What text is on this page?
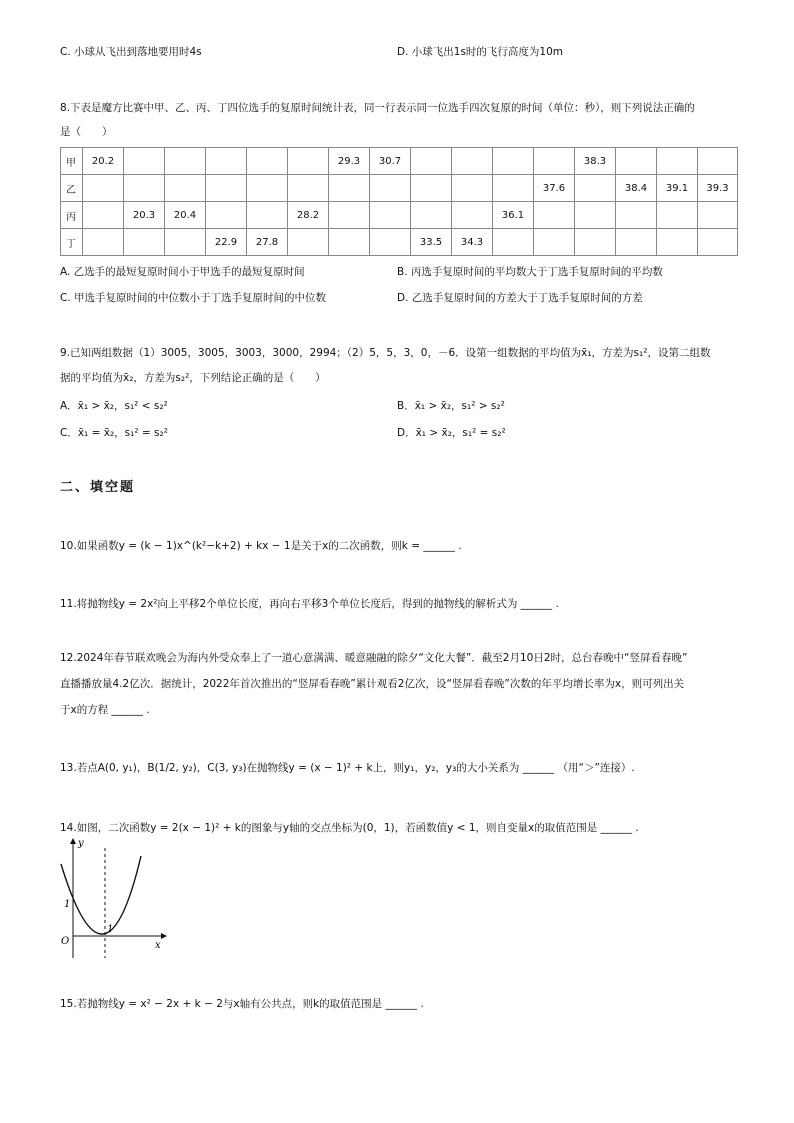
C. 小球从飞出到落地要用时4s	D. 小球飞出1s时的飞行高度为10m
8.下表是魔方比赛中甲、乙、丙、丁四位选手的复原时间统计表，同一行表示同一位选手四次复原的时间（单位：秒），则下列说法正确的
是（　　）
甲	20.2						29.3	30.7					38.3			
乙												37.6		38.4	39.1	39.3
丙		20.3	20.4			28.2					36.1					
丁				22.9	27.8				33.5	34.3						
A. 乙选手的最短复原时间小于甲选手的最短复原时间	B. 丙选手复原时间的平均数大于丁选手复原时间的平均数
C. 甲选手复原时间的中位数小于丁选手复原时间的中位数	D. 乙选手复原时间的方差大于丁选手复原时间的方差
9.已知两组数据（1）3005，3005，3003，3000，2994；（2）5，5，3，0，－6．设第一组数据的平均值为x̄₁，方差为s₁²，设第二组数
据的平均值为x̄₂，方差为s₂²，下列结论正确的是（　　）
A．x̄₁ > x̄₂，s₁² < s₂²	B．x̄₁ > x̄₂，s₁² > s₂²
C．x̄₁ = x̄₂，s₁² = s₂²	D．x̄₁ > x̄₂，s₁² = s₂²
二、填空题
10.如果函数y = (k − 1)x^(k²−k+2) + kx − 1是关于x的二次函数，则k = ______ .
11.将抛物线y = 2x²向上平移2个单位长度，再向右平移3个单位长度后，得到的抛物线的解析式为 ______ .
12.2024年春节联欢晚会为海内外受众奉上了一道心意满满、暖意融融的除夕“文化大餐”．截至2月10日2时，总台春晚中“竖屏看春晚”
直播播放量4.2亿次．据统计，2022年首次推出的“竖屏看春晚”累计观看2亿次，设“竖屏看春晚”次数的年平均增长率为x，则可列出关
于x的方程 ______ .
13.若点A(0, y₁)，B(1/2, y₂)，C(3, y₃)在抛物线y = (x − 1)² + k上，则y₁，y₂，y₃的大小关系为 ______ （用“＞”连接）.
14.如图，二次函数y = 2(x − 1)² + k的图象与y轴的交点坐标为(0，1)，若函数值y < 1，则自变量x的取值范围是 ______ .
y
x
O
1
1
15.若抛物线y = x² − 2x + k − 2与x轴有公共点，则k的取值范围是 ______ .
